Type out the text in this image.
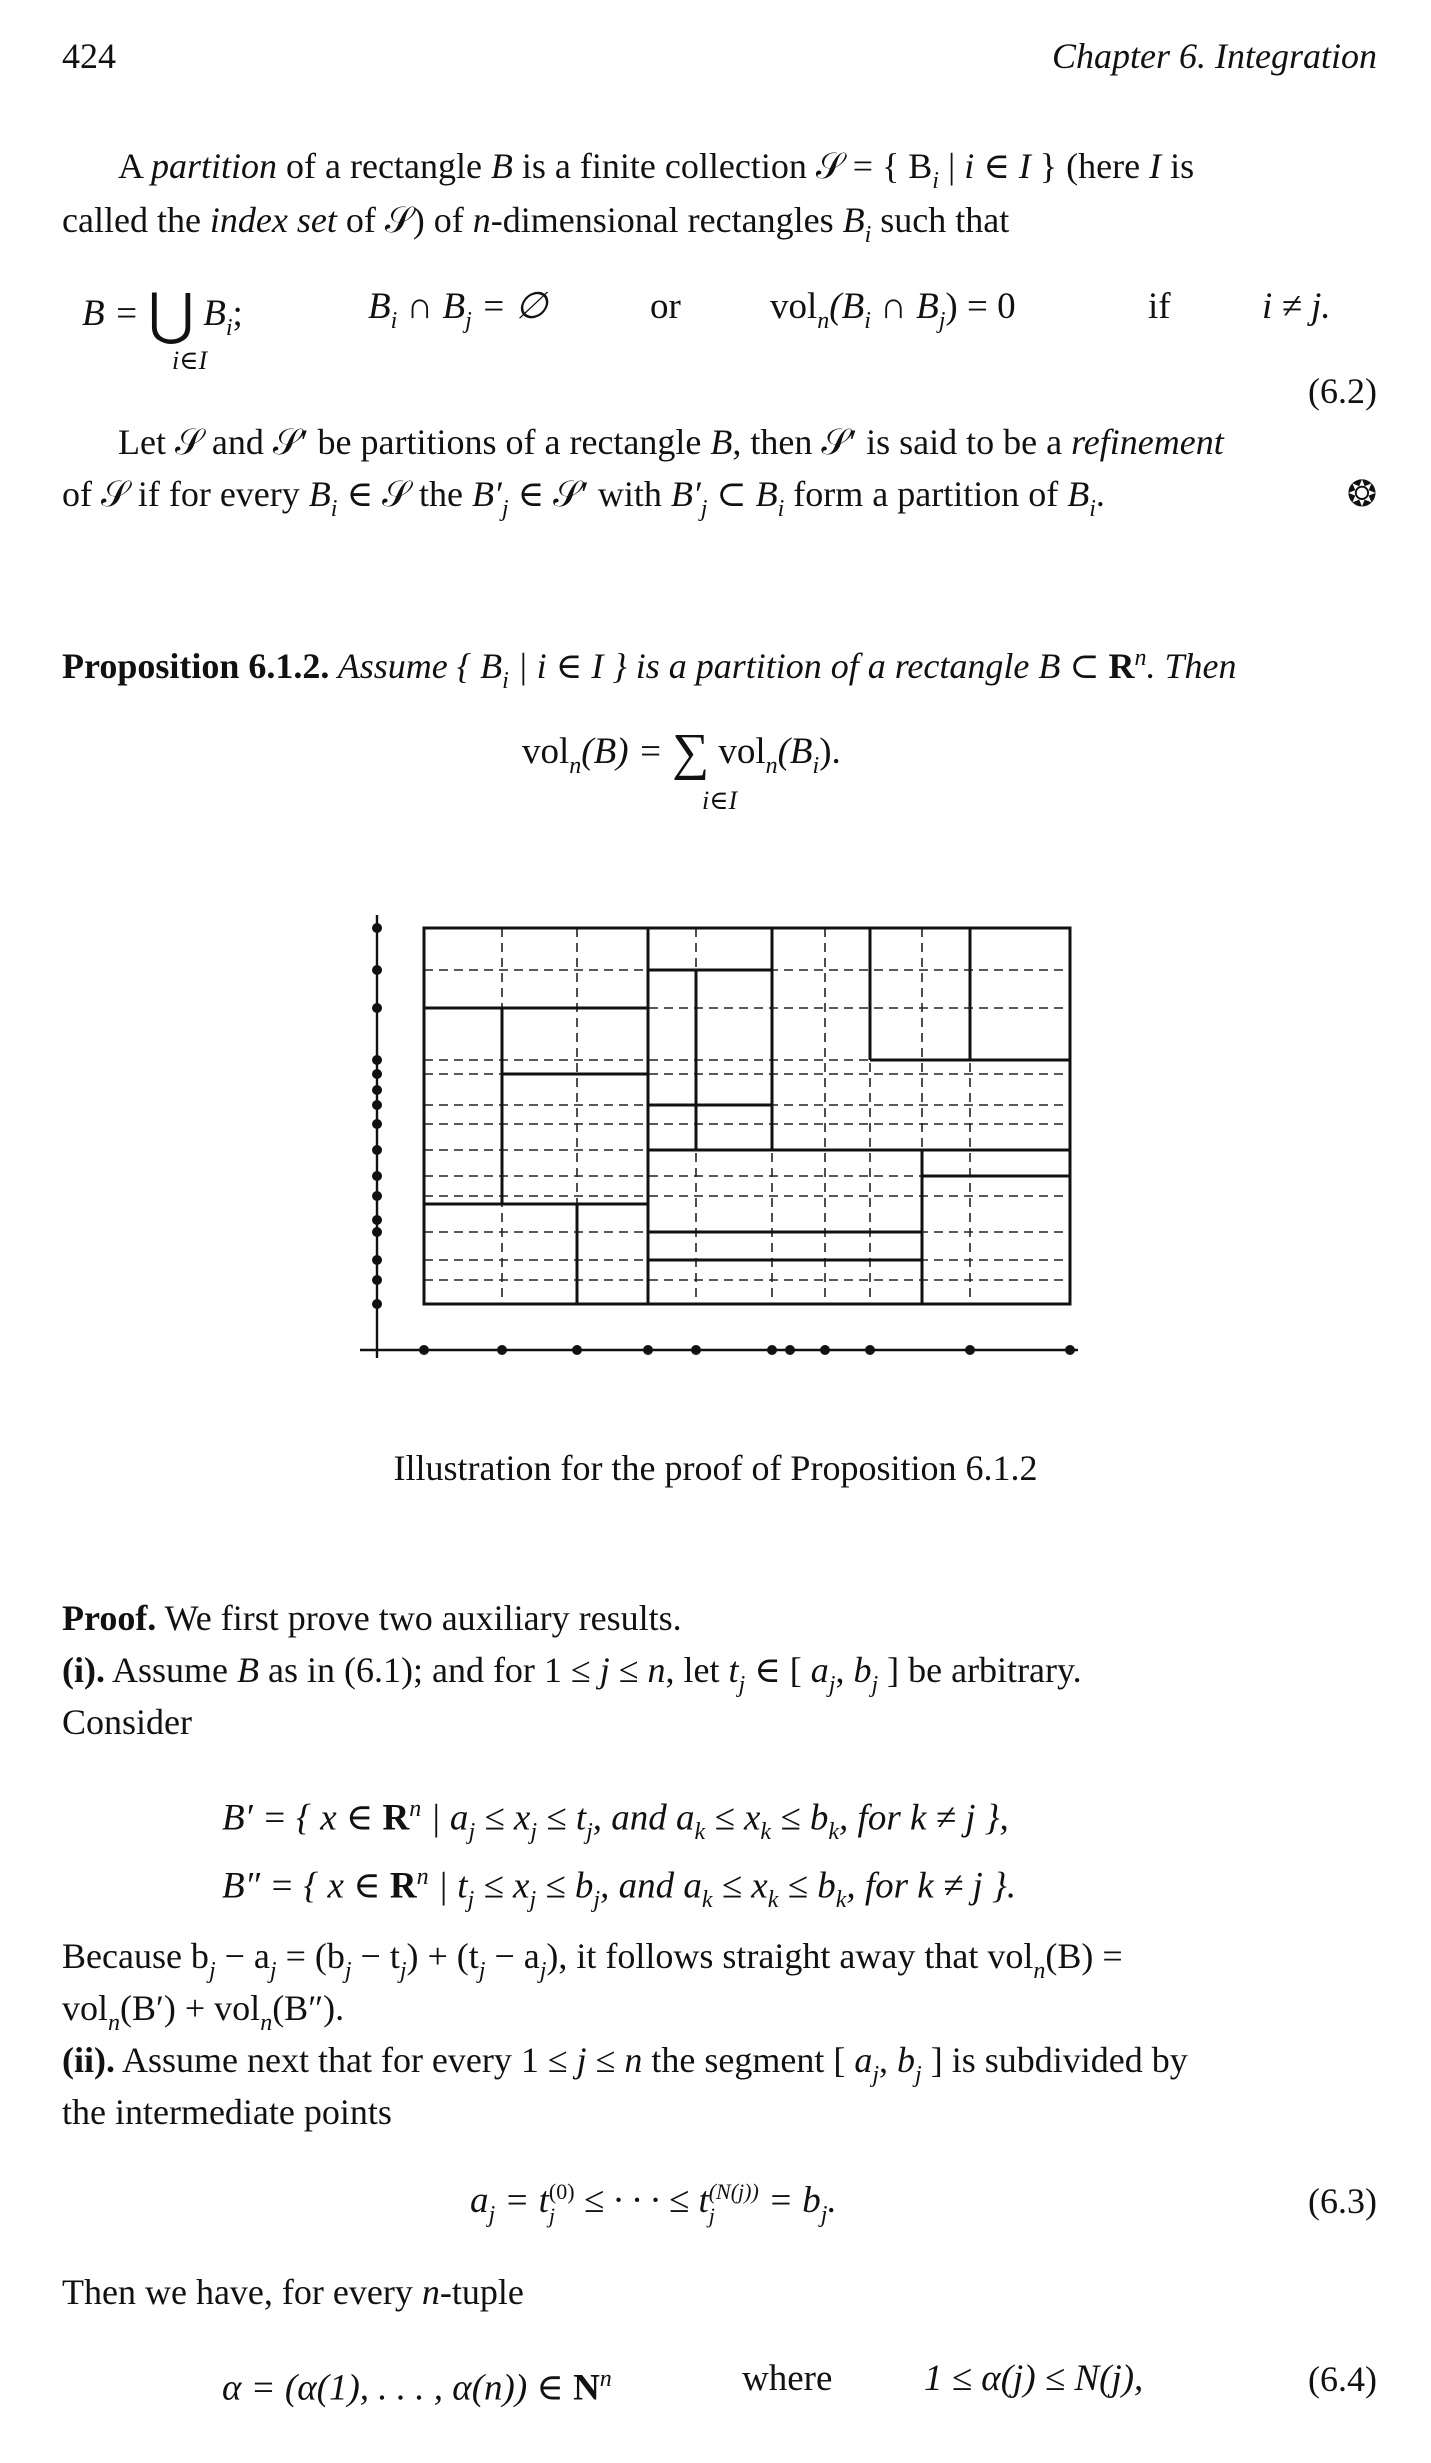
424	Chapter 6. Integration
A partition of a rectangle B is a finite collection 𝒮 = { $B_i$ | i ∈ I } (here I is
called the index set of 𝒮) of n-dimensional rectangles $B_i$ such that
B = ⋃ $B_i$;
i∈I
$B_i$ ∩ $B_j$ = ∅	or $vol_n(B_i$ ∩ $B_j) = 0$	if i ≠ j.
(6.2)
Let 𝒮 and 𝒮′ be partitions of a rectangle B, then 𝒮′ is said to be a refinement
of 𝒮 if for every $B_i$ ∈ 𝒮 the $B'_j$ ∈ 𝒮′ with $B'_j$ ⊂ $B_i$ form a partition of $B_i$.	❂
Proposition 6.1.2. Assume { $B_i$ | i ∈ I } is a partition of a rectangle B ⊂ $R^n$. Then
vol$_n$(B) = ∑ $vol_n(B_i)$.
i∈I
Illustration for the proof of Proposition 6.1.2
Proof. We first prove two auxiliary results.
(i). Assume B as in (6.1); and for 1 ≤ j ≤ n, let $t_j$ ∈ [ $a_j$, $b_j$ ] be arbitrary.
Consider
B′ = { x ∈ $R^n$ | $a_j \le x_j \le t_j$, and $a_k \le x_k \le b_k$, for k ≠ j },
B″ = { x ∈ $R^n$ | $t_j \le x_j \le b_j$, and $a_k \le x_k \le b_k$, for k ≠ j }.
Because $b_j - a_j = (b_j - t_j) + (t_j - a_j)$, it follows straight away that vol$_n$(B) =
vol$_n$(B′) + vol$_n$(B″).
(ii). Assume next that for every 1 ≤ j ≤ n the segment [ $a_j$, $b_j$ ] is subdivided by
the intermediate points
$a_j = t$ (0)
j ≤ · · · ≤ t (N(j))
j	= $b_j$.	(6.3)
Then we have, for every n-tuple
α = (α(1), . . . , α(n)) ∈ $N^n$	where 1 ≤ α(j) ≤ N(j),	(6.4)
